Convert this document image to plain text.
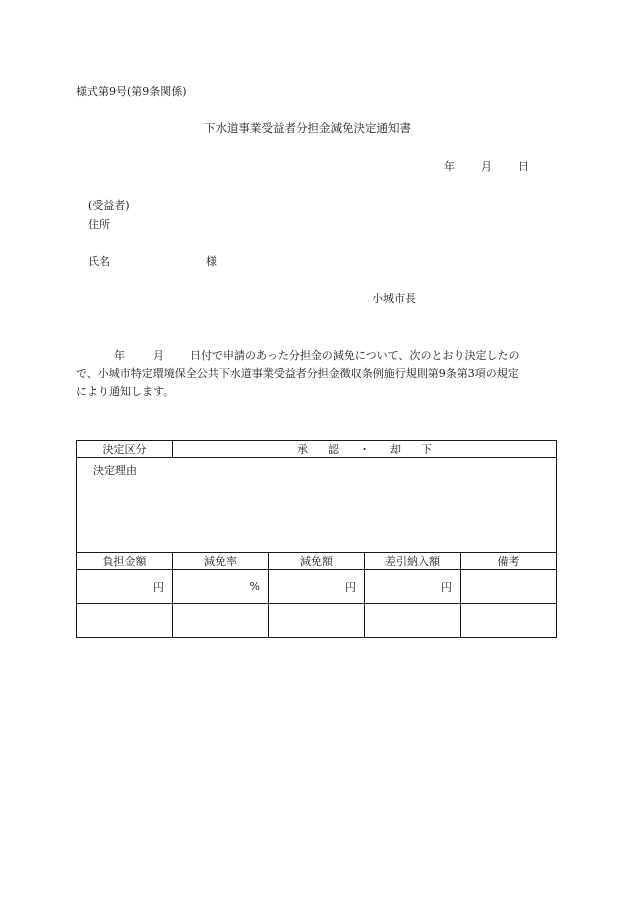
様式第9号(第9条関係)
下水道事業受益者分担金減免決定通知書
年 月 日
(受益者)
住所
氏名	様
小城市長
年	月 日付で申請のあった分担金の減免について、次のとおり決定したの
で、小城市特定環境保全公共下水道事業受益者分担金徴収条例施行規則第9条第3項の規定
により通知します。
決定区分	承 認 ・ 却 下			
決定理由				
負担金額	減免率	減免額	差引納入額	備考
円	%	円	円	
